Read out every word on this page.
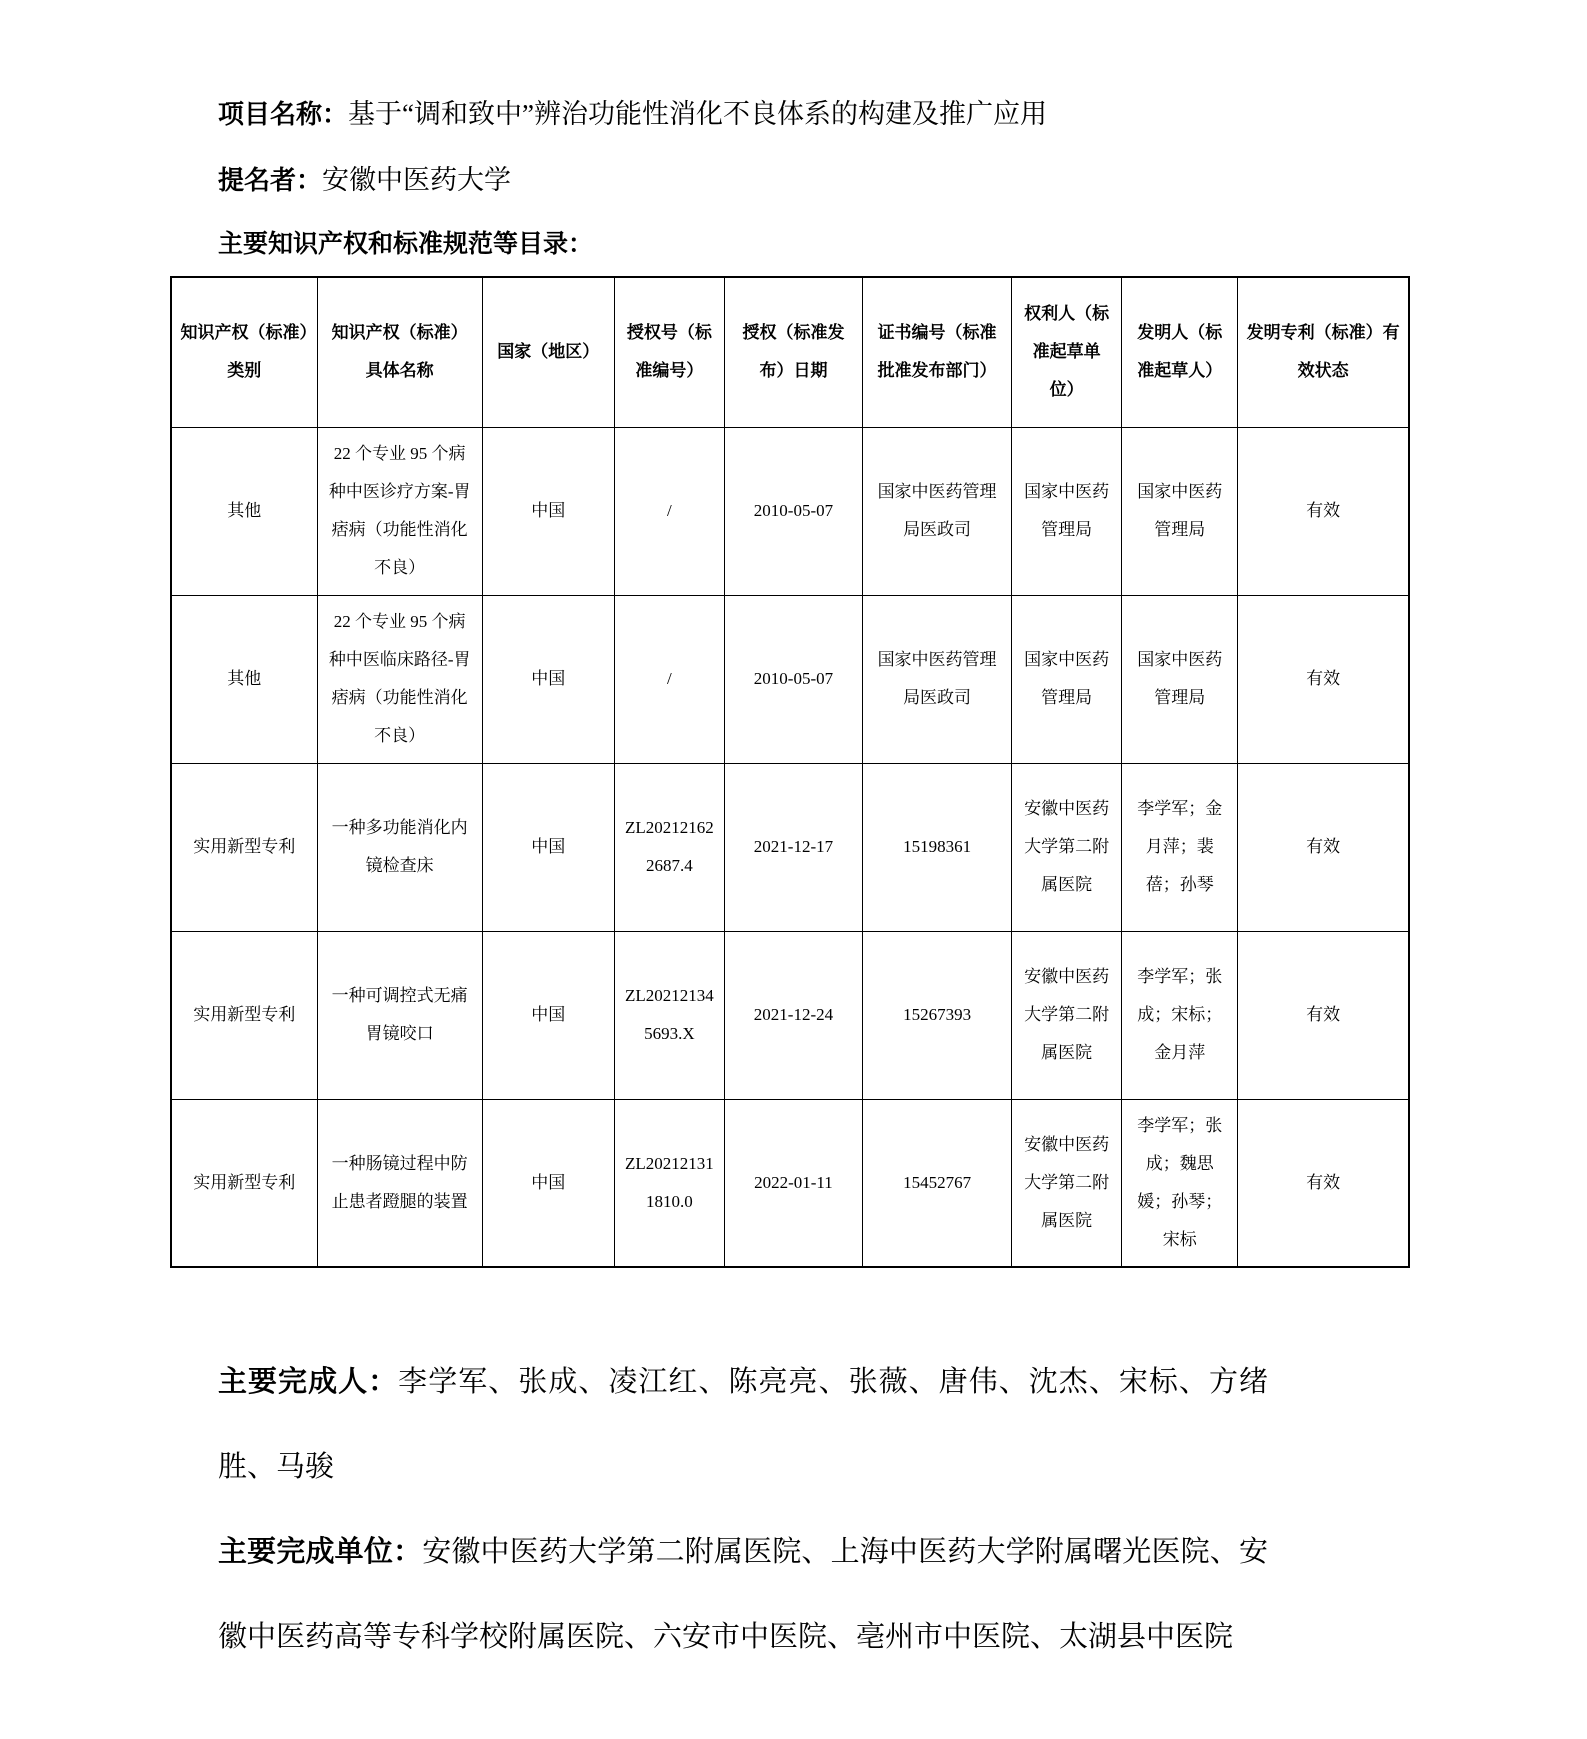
项目名称：基于“调和致中”辨治功能性消化不良体系的构建及推广应用

提名者：安徽中医药大学

主要知识产权和标准规范等目录：
知识产权（标准）类别	知识产权（标准）具体名称	国家（地区）	授权号（标准编号）	授权（标准发布）日期	证书编号（标准批准发布部门）	权利人（标准起草单位）	发明人（标准起草人）	发明专利（标准）有效状态
其他	22 个专业 95 个病种中医诊疗方案-胃痞病（功能性消化不良）	中国	/	2010-05-07	国家中医药管理局医政司	国家中医药管理局	国家中医药管理局	有效
其他	22 个专业 95 个病种中医临床路径-胃痞病（功能性消化不良）	中国	/	2010-05-07	国家中医药管理局医政司	国家中医药管理局	国家中医药管理局	有效
实用新型专利	一种多功能消化内镜检查床	中国	ZL202121622687.4	2021-12-17	15198361	安徽中医药大学第二附属医院	李学军；金月萍；裴蓓；孙琴	有效
实用新型专利	一种可调控式无痛胃镜咬口	中国	ZL202121345693.X	2021-12-24	15267393	安徽中医药大学第二附属医院	李学军；张成；宋标；金月萍	有效
实用新型专利	一种肠镜过程中防止患者蹬腿的装置	中国	ZL202121311810.0	2022-01-11	15452767	安徽中医药大学第二附属医院	李学军；张成；魏思媛；孙琴；宋标	有效

主要完成人：李学军、张成、凌江红、陈亮亮、张薇、唐伟、沈杰、宋标、方绪胜、马骏

主要完成单位：安徽中医药大学第二附属医院、上海中医药大学附属曙光医院、安徽中医药高等专科学校附属医院、六安市中医院、亳州市中医院、太湖县中医院
